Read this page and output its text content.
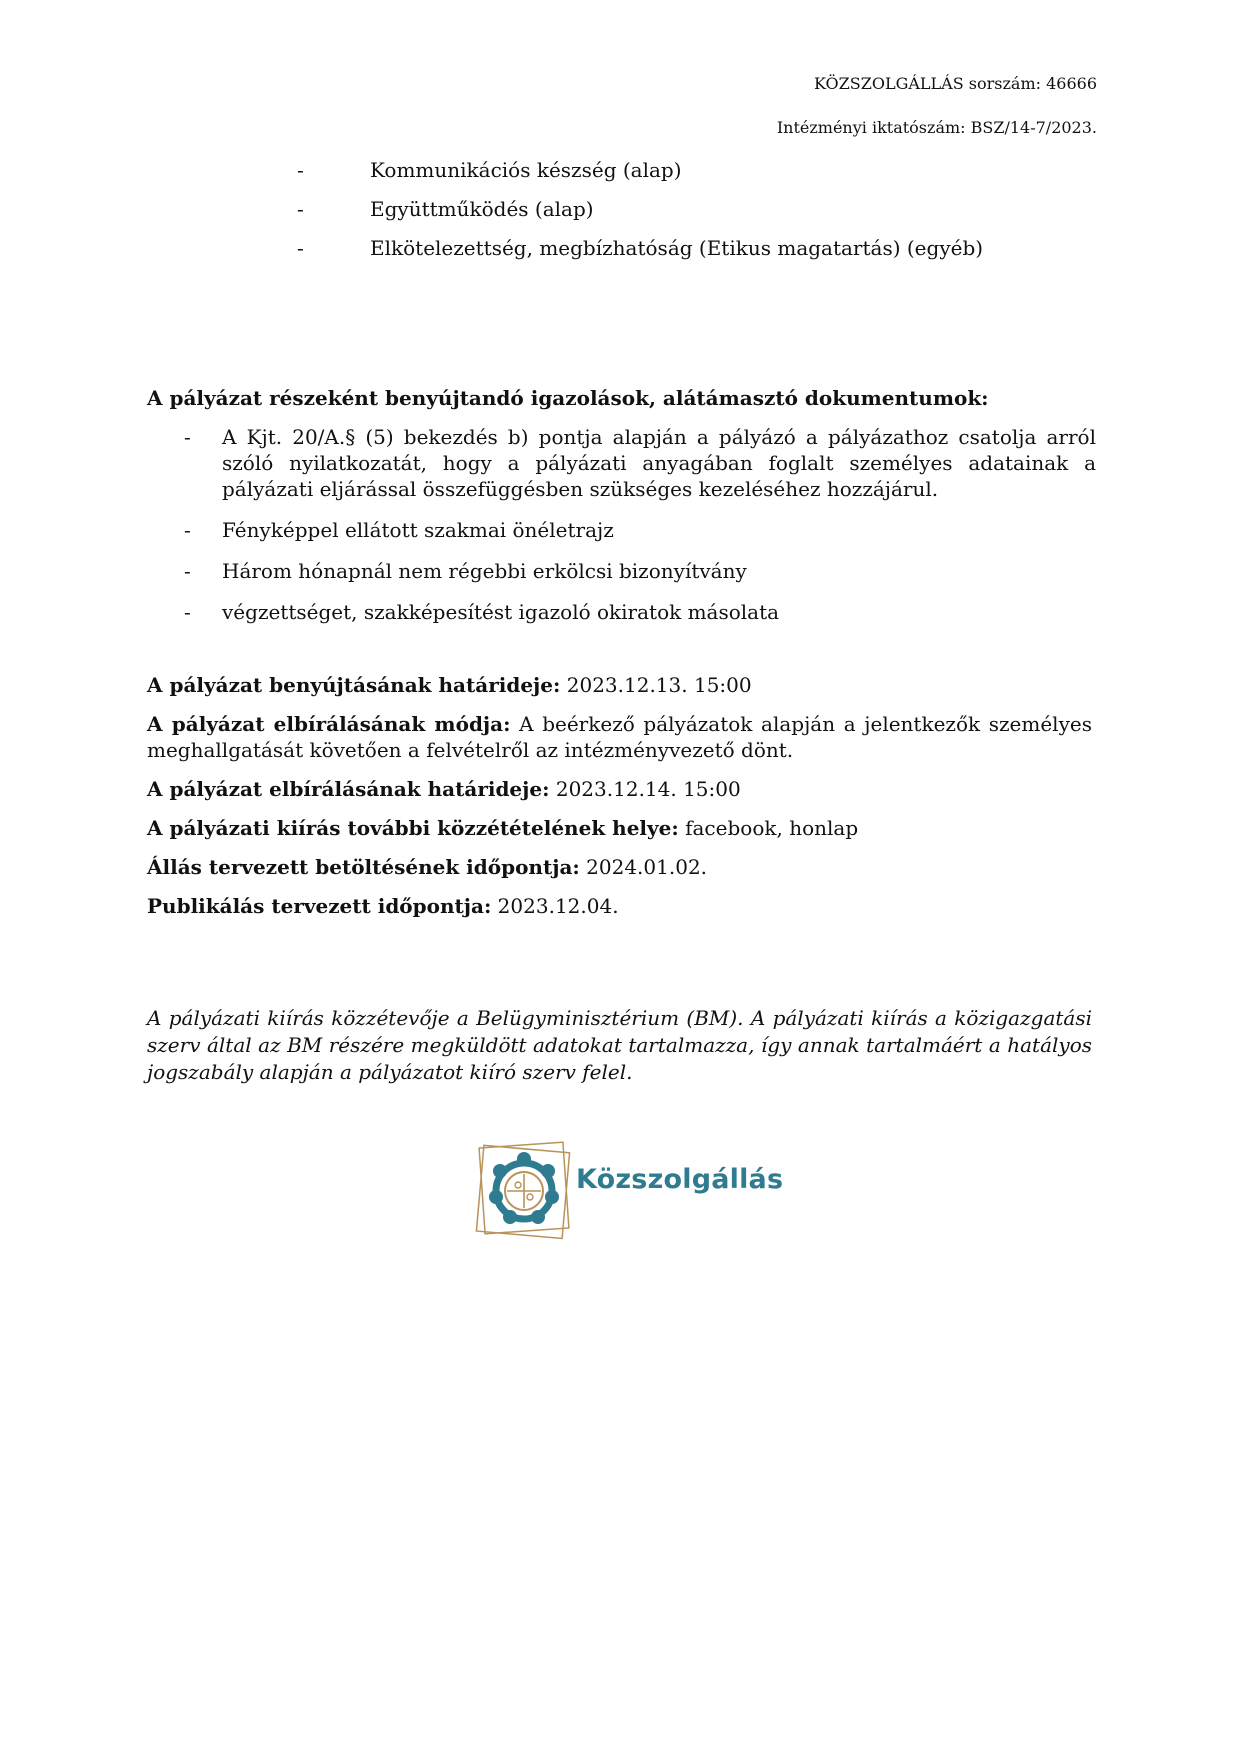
KÖZSZOLGÁLLÁS sorszám: 46666
Intézményi iktatószám: BSZ/14-7/2023.
-	Kommunikációs készség (alap)
-	Együttműködés (alap)
-	Elkötelezettség, megbízhatóság (Etikus magatartás) (egyéb)

A pályázat részeként benyújtandó igazolások, alátámasztó dokumentumok:

- A Kjt. 20/A.§ (5) bekezdés b) pontja alapján a pályázó a pályázathoz csatolja arról szóló nyilatkozatát, hogy a pályázati anyagában foglalt személyes adatainak a pályázati eljárással összefüggésben szükséges kezeléséhez hozzájárul.
- Fényképpel ellátott szakmai önéletrajz
- Három hónapnál nem régebbi erkölcsi bizonyítvány
- végzettséget, szakképesítést igazoló okiratok másolata

A pályázat benyújtásának határideje: 2023.12.13. 15:00

A pályázat elbírálásának módja: A beérkező pályázatok alapján a jelentkezők személyes meghallgatását követően a felvételről az intézményvezető dönt.

A pályázat elbírálásának határideje: 2023.12.14. 15:00

A pályázati kiírás további közzétételének helye: facebook, honlap

Állás tervezett betöltésének időpontja: 2024.01.02.

Publikálás tervezett időpontja: 2023.12.04.

A pályázati kiírás közzétevője a Belügyminisztérium (BM). A pályázati kiírás a közigazgatási szerv által az BM részére megküldött adatokat tartalmazza, így annak tartalmáért a hatályos jogszabály alapján a pályázatot kiíró szerv felel.

Közszolgállás
